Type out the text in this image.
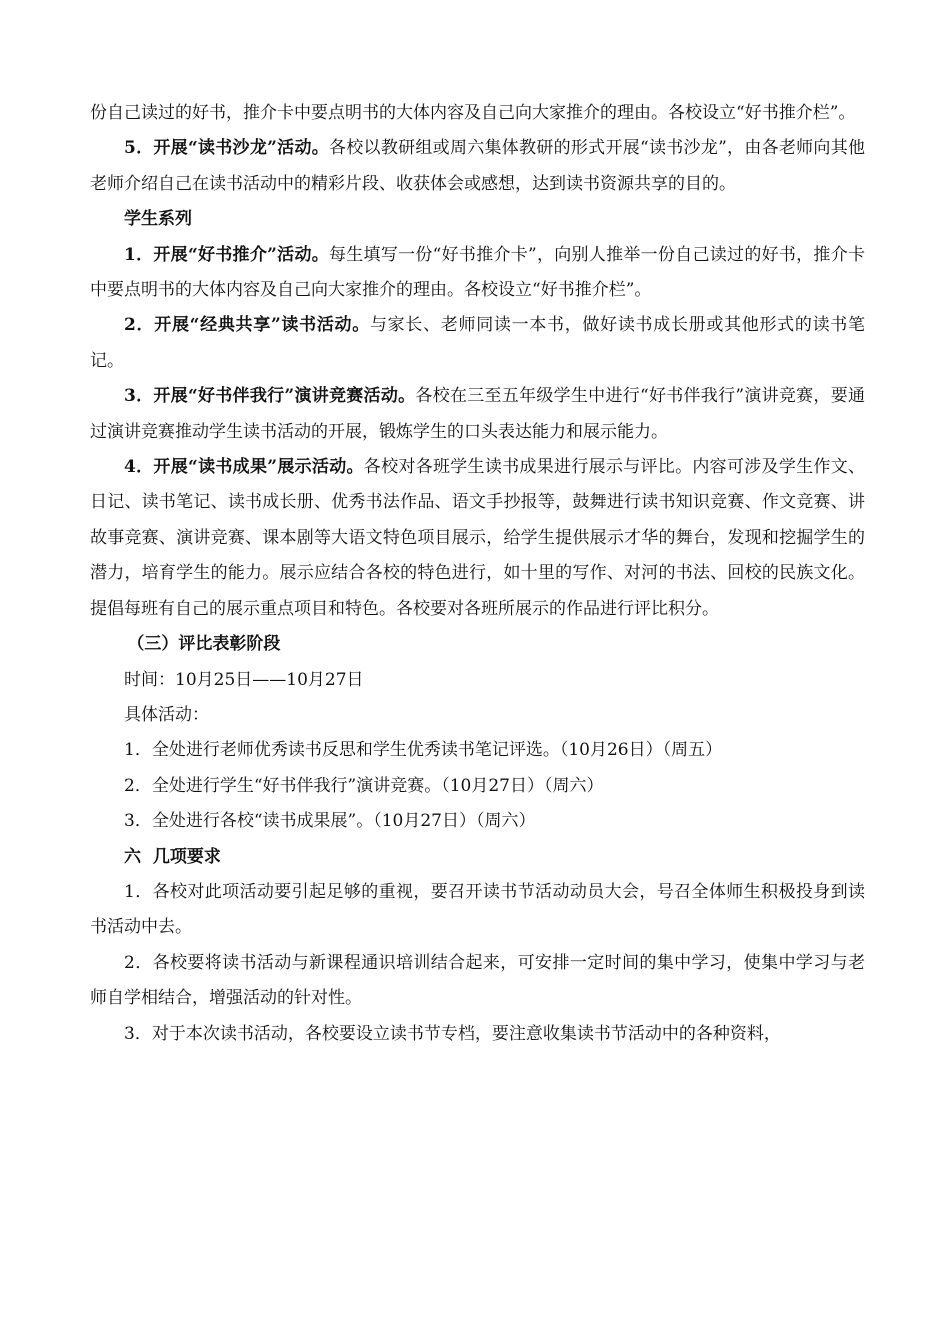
份自己读过的好书，推介卡中要点明书的大体内容及自己向大家推介的理由。各校设立“好书推介栏”。

5．开展“读书沙龙”活动。各校以教研组或周六集体教研的形式开展“读书沙龙”，由各老师向其他老师介绍自己在读书活动中的精彩片段、收获体会或感想，达到读书资源共享的目的。

学生系列

1．开展“好书推介”活动。每生填写一份“好书推介卡”，向别人推举一份自己读过的好书，推介卡中要点明书的大体内容及自己向大家推介的理由。各校设立“好书推介栏”。

2．开展“经典共享”读书活动。与家长、老师同读一本书，做好读书成长册或其他形式的读书笔记。

3．开展“好书伴我行”演讲竞赛活动。各校在三至五年级学生中进行“好书伴我行”演讲竞赛，要通过演讲竞赛推动学生读书活动的开展，锻炼学生的口头表达能力和展示能力。

4．开展“读书成果”展示活动。各校对各班学生读书成果进行展示与评比。内容可涉及学生作文、日记、读书笔记、读书成长册、优秀书法作品、语文手抄报等，鼓舞进行读书知识竞赛、作文竞赛、讲故事竞赛、演讲竞赛、课本剧等大语文特色项目展示，给学生提供展示才华的舞台，发现和挖掘学生的潜力，培育学生的能力。展示应结合各校的特色进行，如十里的写作、对河的书法、回校的民族文化。提倡每班有自己的展示重点项目和特色。各校要对各班所展示的作品进行评比积分。

（三）评比表彰阶段

时间：10月25日——10月27日

具体活动：

1．全处进行老师优秀读书反思和学生优秀读书笔记评选。（10月26日）（周五）

2．全处进行学生“好书伴我行”演讲竞赛。（10月27日）（周六）

3．全处进行各校“读书成果展”。（10月27日）（周六）

六  几项要求

1．各校对此项活动要引起足够的重视，要召开读书节活动动员大会，号召全体师生积极投身到读书活动中去。

2．各校要将读书活动与新课程通识培训结合起来，可安排一定时间的集中学习，使集中学习与老师自学相结合，增强活动的针对性。

3．对于本次读书活动，各校要设立读书节专档，要注意收集读书节活动中的各种资料，
